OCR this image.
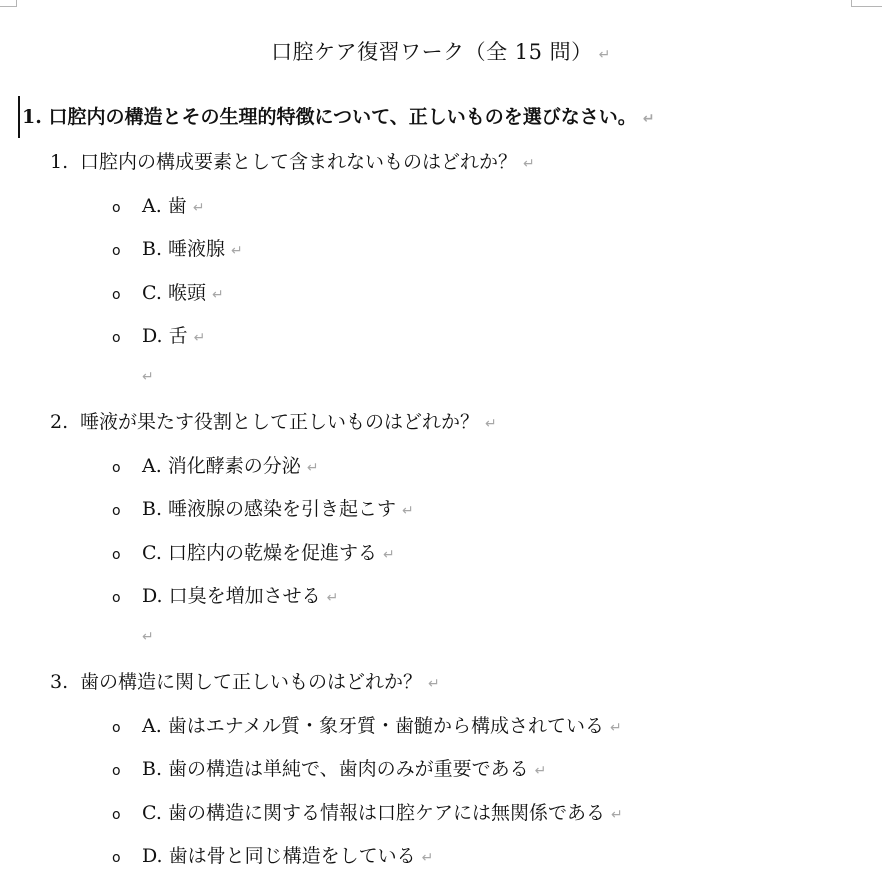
口腔ケア復習ワーク（全 15 問） ↵
1. 口腔内の構造とその生理的特徴について、正しいものを選びなさい。 ↵
1. 口腔内の構成要素として含まれないものはどれか？ ↵
o A. 歯 ↵
o B. 唾液腺 ↵
o C. 喉頭 ↵
o D. 舌 ↵
↵
2. 唾液が果たす役割として正しいものはどれか？ ↵
o A. 消化酵素の分泌 ↵
o B. 唾液腺の感染を引き起こす ↵
o C. 口腔内の乾燥を促進する ↵
o D. 口臭を増加させる ↵
↵
3. 歯の構造に関して正しいものはどれか？ ↵
o A. 歯はエナメル質・象牙質・歯髄から構成されている ↵
o B. 歯の構造は単純で、歯肉のみが重要である ↵
o C. 歯の構造に関する情報は口腔ケアには無関係である ↵
o D. 歯は骨と同じ構造をしている ↵
